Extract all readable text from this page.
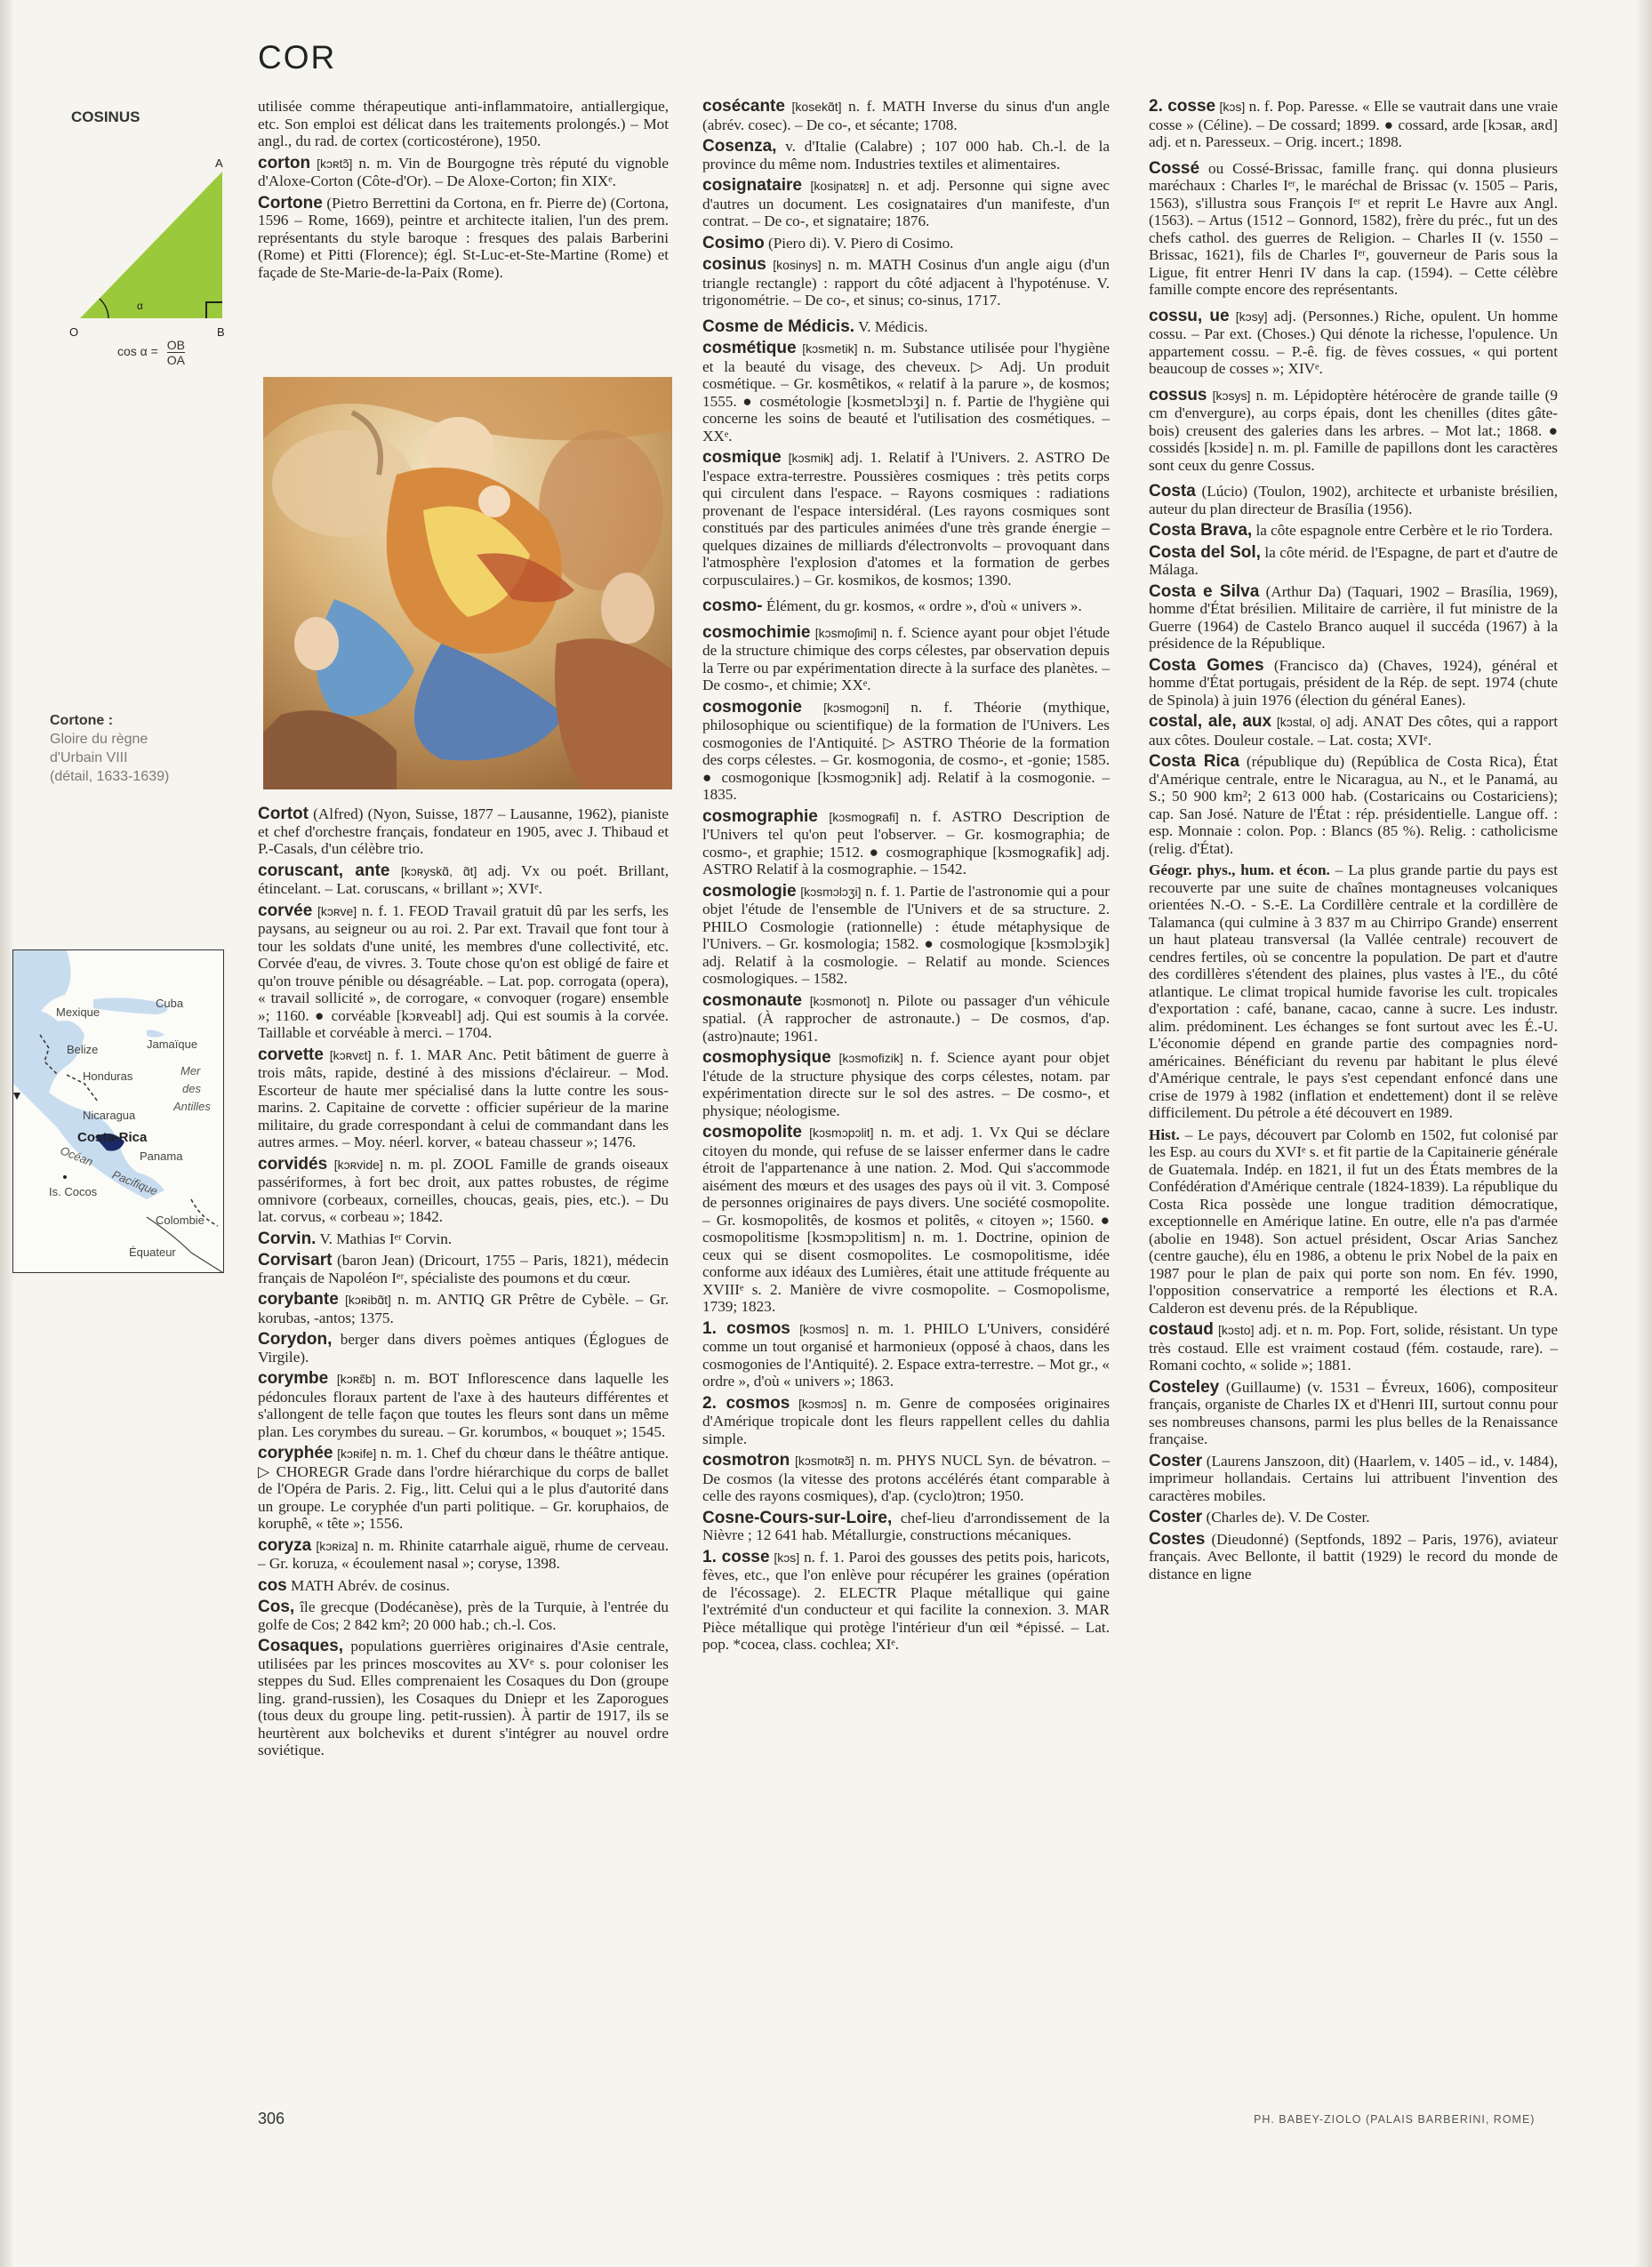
COR
COSINUS
α
A
O	B
$\cos \alpha = \frac{OB}{OA}$
Cortone :
Gloire du règne
d'Urbain VIII
(détail, 1633-1639)
Mexique
Cuba
Belize	Jamaïque
Honduras	Mer
des
Antilles
Nicaragua
Costa-Rica
Panama
Océan
Pacifique
Is. Cocos
Colombie
Équateur

utilisée comme thérapeutique anti-inflammatoire, antiallergique, etc. Son emploi est délicat dans les traitements prolongés.) – Mot angl., du rad. de cortex (corticostérone), 1950.

corton [kɔʀtɔ̃] n. m. Vin de Bourgogne très réputé du vignoble d'Aloxe-Corton (Côte-d'Or). – De Aloxe-Corton; fin XIXᵉ.

Cortone (Pietro Berrettini da Cortona, en fr. Pierre de) (Cortona, 1596 – Rome, 1669), peintre et architecte italien, l'un des prem. représentants du style baroque : fresques des palais Barberini (Rome) et Pitti (Florence); égl. St-Luc-et-Ste-Martine (Rome) et façade de Ste-Marie-de-la-Paix (Rome).

Cortot (Alfred) (Nyon, Suisse, 1877 – Lausanne, 1962), pianiste et chef d'orchestre français, fondateur en 1905, avec J. Thibaud et P.-Casals, d'un célèbre trio.

coruscant, ante [kɔʀyskɑ̃, ɑ̃t] adj. Vx ou poét. Brillant, étincelant. – Lat. coruscans, « brillant »; XVIᵉ.

corvée [kɔʀve] n. f. 1. FEOD Travail gratuit dû par les serfs, les paysans, au seigneur ou au roi. 2. Par ext. Travail que font tour à tour les soldats d'une unité, les membres d'une collectivité, etc. Corvée d'eau, de vivres. 3. Toute chose qu'on est obligé de faire et qu'on trouve pénible ou désagréable. – Lat. pop. corrogata (opera), « travail sollicité », de corrogare, « convoquer (rogare) ensemble »; 1160. ● corvéable [kɔʀveabl] adj. Qui est soumis à la corvée. Taillable et corvéable à merci. – 1704.

corvette [kɔʀvɛt] n. f. 1. MAR Anc. Petit bâtiment de guerre à trois mâts, rapide, destiné à des missions d'éclaireur. – Mod. Escorteur de haute mer spécialisé dans la lutte contre les sous-marins. 2. Capitaine de corvette : officier supérieur de la marine militaire, du grade correspondant à celui de commandant dans les autres armes. – Moy. néerl. korver, « bateau chasseur »; 1476.

corvidés [kɔʀvide] n. m. pl. ZOOL Famille de grands oiseaux passériformes, à fort bec droit, aux pattes robustes, de régime omnivore (corbeaux, corneilles, choucas, geais, pies, etc.). – Du lat. corvus, « corbeau »; 1842.

Corvin. V. Mathias Iᵉʳ Corvin.

Corvisart (baron Jean) (Dricourt, 1755 – Paris, 1821), médecin français de Napoléon Iᵉʳ, spécialiste des poumons et du cœur.

corybante [kɔʀibɑ̃t] n. m. ANTIQ GR Prêtre de Cybèle. – Gr. korubas, -antos; 1375.

Corydon, berger dans divers poèmes antiques (Églogues de Virgile).

corymbe [kɔʀɛ̃b] n. m. BOT Inflorescence dans laquelle les pédoncules floraux partent de l'axe à des hauteurs différentes et s'allongent de telle façon que toutes les fleurs sont dans un même plan. Les corymbes du sureau. – Gr. korumbos, « bouquet »; 1545.

coryphée [kɔʀife] n. m. 1. Chef du chœur dans le théâtre antique. ▷ CHOREGR Grade dans l'ordre hiérarchique du corps de ballet de l'Opéra de Paris. 2. Fig., litt. Celui qui a le plus d'autorité dans un groupe. Le coryphée d'un parti politique. – Gr. koruphaios, de koruphê, « tête »; 1556.

coryza [kɔʀiza] n. m. Rhinite catarrhale aiguë, rhume de cerveau. – Gr. koruza, « écoulement nasal »; coryse, 1398.

cos MATH Abrév. de cosinus.

Cos, île grecque (Dodécanèse), près de la Turquie, à l'entrée du golfe de Cos; 2 842 km²; 20 000 hab.; ch.-l. Cos.

Cosaques, populations guerrières originaires d'Asie centrale, utilisées par les princes moscovites au XVᵉ s. pour coloniser les steppes du Sud. Elles comprenaient les Cosaques du Don (groupe ling. grand-russien), les Cosaques du Dniepr et les Zaporogues (tous deux du groupe ling. petit-russien). À partir de 1917, ils se heurtèrent aux bolcheviks et durent s'intégrer au nouvel ordre soviétique.

cosécante [kosekɑ̃t] n. f. MATH Inverse du sinus d'un angle (abrév. cosec). – De co-, et sécante; 1708.

Cosenza, v. d'Italie (Calabre) ; 107 000 hab. Ch.-l. de la province du même nom. Industries textiles et alimentaires.

cosignataire [kosiɲatɛʀ] n. et adj. Personne qui signe avec d'autres un document. Les cosignataires d'un manifeste, d'un contrat. – De co-, et signataire; 1876.

Cosimo (Piero di). V. Piero di Cosimo.

cosinus [kosinys] n. m. MATH Cosinus d'un angle aigu (d'un triangle rectangle) : rapport du côté adjacent à l'hypoténuse. V. trigonométrie. – De co-, et sinus; co-sinus, 1717.

Cosme de Médicis. V. Médicis.

cosmétique [kɔsmetik] n. m. Substance utilisée pour l'hygiène et la beauté du visage, des cheveux. ▷ Adj. Un produit cosmétique. – Gr. kosmêtikos, « relatif à la parure », de kosmos; 1555. ● cosmétologie [kɔsmetɔlɔʒi] n. f. Partie de l'hygiène qui concerne les soins de beauté et l'utilisation des cosmétiques. – XXᵉ.

cosmique [kɔsmik] adj. 1. Relatif à l'Univers. 2. ASTRO De l'espace extra-terrestre. Poussières cosmiques : très petits corps qui circulent dans l'espace. – Rayons cosmiques : radiations provenant de l'espace intersidéral. (Les rayons cosmiques sont constitués par des particules animées d'une très grande énergie – quelques dizaines de milliards d'électronvolts – provoquant dans l'atmosphère l'explosion d'atomes et la formation de gerbes corpusculaires.) – Gr. kosmikos, de kosmos; 1390.

cosmo- Élément, du gr. kosmos, « ordre », d'où « univers ».

cosmochimie [kɔsmoʃimi] n. f. Science ayant pour objet l'étude de la structure chimique des corps célestes, par observation depuis la Terre ou par expérimentation directe à la surface des planètes. – De cosmo-, et chimie; XXᵉ.

cosmogonie [kɔsmogɔni] n. f. Théorie (mythique, philosophique ou scientifique) de la formation de l'Univers. Les cosmogonies de l'Antiquité. ▷ ASTRO Théorie de la formation des corps célestes. – Gr. kosmogonia, de cosmo-, et -gonie; 1585. ● cosmogonique [kɔsmogɔnik] adj. Relatif à la cosmogonie. – 1835.

cosmographie [kɔsmogʀafi] n. f. ASTRO Description de l'Univers tel qu'on peut l'observer. – Gr. kosmographia; de cosmo-, et graphie; 1512. ● cosmographique [kɔsmogʀafik] adj. ASTRO Relatif à la cosmographie. – 1542.

cosmologie [kɔsmɔlɔʒi] n. f. 1. Partie de l'astronomie qui a pour objet l'étude de l'ensemble de l'Univers et de sa structure. 2. PHILO Cosmologie (rationnelle) : étude métaphysique de l'Univers. – Gr. kosmologia; 1582. ● cosmologique [kɔsmɔlɔʒik] adj. Relatif à la cosmologie. – Relatif au monde. Sciences cosmologiques. – 1582.

cosmonaute [kɔsmonot] n. Pilote ou passager d'un véhicule spatial. (À rapprocher de astronaute.) – De cosmos, d'ap. (astro)naute; 1961.

cosmophysique [kɔsmofizik] n. f. Science ayant pour objet l'étude de la structure physique des corps célestes, notam. par expérimentation directe sur le sol des astres. – De cosmo-, et physique; néologisme.

cosmopolite [kɔsmɔpɔlit] n. m. et adj. 1. Vx Qui se déclare citoyen du monde, qui refuse de se laisser enfermer dans le cadre étroit de l'appartenance à une nation. 2. Mod. Qui s'accommode aisément des mœurs et des usages des pays où il vit. 3. Composé de personnes originaires de pays divers. Une société cosmopolite. – Gr. kosmopolitês, de kosmos et politês, « citoyen »; 1560. ● cosmopolitisme [kɔsmɔpɔlitism] n. m. 1. Doctrine, opinion de ceux qui se disent cosmopolites. Le cosmopolitisme, idée conforme aux idéaux des Lumières, était une attitude fréquente au XVIIIᵉ s. 2. Manière de vivre cosmopolite. – Cosmopolisme, 1739; 1823.

1. cosmos [kɔsmos] n. m. 1. PHILO L'Univers, considéré comme un tout organisé et harmonieux (opposé à chaos, dans les cosmogonies de l'Antiquité). 2. Espace extra-terrestre. – Mot gr., « ordre », d'où « univers »; 1863.

2. cosmos [kɔsmɔs] n. m. Genre de composées originaires d'Amérique tropicale dont les fleurs rappellent celles du dahlia simple.

cosmotron [kɔsmotʀɔ̃] n. m. PHYS NUCL Syn. de bévatron. – De cosmos (la vitesse des protons accélérés étant comparable à celle des rayons cosmiques), d'ap. (cyclo)tron; 1950.

Cosne-Cours-sur-Loire, chef-lieu d'arrondissement de la Nièvre ; 12 641 hab. Métallurgie, constructions mécaniques.

1. cosse [kɔs] n. f. 1. Paroi des gousses des petits pois, haricots, fèves, etc., que l'on enlève pour récupérer les graines (opération de l'écossage). 2. ELECTR Plaque métallique qui gaine l'extrémité d'un conducteur et qui facilite la connexion. 3. MAR Pièce métallique qui protège l'intérieur d'un œil *épissé. – Lat. pop. *cocea, class. cochlea; XIᵉ.

2. cosse [kɔs] n. f. Pop. Paresse. « Elle se vautrait dans une vraie cosse » (Céline). – De cossard; 1899. ● cossard, arde [kɔsaʀ, aʀd] adj. et n. Paresseux. – Orig. incert.; 1898.

Cossé ou Cossé-Brissac, famille franç. qui donna plusieurs maréchaux : Charles Iᵉʳ, le maréchal de Brissac (v. 1505 – Paris, 1563), s'illustra sous François Iᵉʳ et reprit Le Havre aux Angl. (1563). – Artus (1512 – Gonnord, 1582), frère du préc., fut un des chefs cathol. des guerres de Religion. – Charles II (v. 1550 – Brissac, 1621), fils de Charles Iᵉʳ, gouverneur de Paris sous la Ligue, fit entrer Henri IV dans la cap. (1594). – Cette célèbre famille compte encore des représentants.

cossu, ue [kɔsy] adj. (Personnes.) Riche, opulent. Un homme cossu. – Par ext. (Choses.) Qui dénote la richesse, l'opulence. Un appartement cossu. – P.-ê. fig. de fèves cossues, « qui portent beaucoup de cosses »; XIVᵉ.

cossus [kɔsys] n. m. Lépidoptère hétérocère de grande taille (9 cm d'envergure), au corps épais, dont les chenilles (dites gâte-bois) creusent des galeries dans les arbres. – Mot lat.; 1868. ● cossidés [kɔside] n. m. pl. Famille de papillons dont les caractères sont ceux du genre Cossus.

Costa (Lúcio) (Toulon, 1902), architecte et urbaniste brésilien, auteur du plan directeur de Brasília (1956).

Costa Brava, la côte espagnole entre Cerbère et le rio Tordera.

Costa del Sol, la côte mérid. de l'Espagne, de part et d'autre de Málaga.

Costa e Silva (Arthur Da) (Taquari, 1902 – Brasília, 1969), homme d'État brésilien. Militaire de carrière, il fut ministre de la Guerre (1964) de Castelo Branco auquel il succéda (1967) à la présidence de la République.

Costa Gomes (Francisco da) (Chaves, 1924), général et homme d'État portugais, président de la Rép. de sept. 1974 (chute de Spinola) à juin 1976 (élection du général Eanes).

costal, ale, aux [kɔstal, o] adj. ANAT Des côtes, qui a rapport aux côtes. Douleur costale. – Lat. costa; XVIᵉ.

Costa Rica (république du) (República de Costa Rica), État d'Amérique centrale, entre le Nicaragua, au N., et le Panamá, au S.; 50 900 km²; 2 613 000 hab. (Costaricains ou Costariciens); cap. San José. Nature de l'État : rép. présidentielle. Langue off. : esp. Monnaie : colon. Pop. : Blancs (85 %). Relig. : catholicisme (relig. d'État).

Géogr. phys., hum. et écon. – La plus grande partie du pays est recouverte par une suite de chaînes montagneuses volcaniques orientées N.-O. - S.-E. La Cordillère centrale et la cordillère de Talamanca (qui culmine à 3 837 m au Chirripo Grande) enserrent un haut plateau transversal (la Vallée centrale) recouvert de cendres fertiles, où se concentre la population. De part et d'autre des cordillères s'étendent des plaines, plus vastes à l'E., du côté atlantique. Le climat tropical humide favorise les cult. tropicales d'exportation : café, banane, cacao, canne à sucre. Les industr. alim. prédominent. Les échanges se font surtout avec les É.-U. L'économie dépend en grande partie des compagnies nord-américaines. Bénéficiant du revenu par habitant le plus élevé d'Amérique centrale, le pays s'est cependant enfoncé dans une crise de 1979 à 1982 (inflation et endettement) dont il se relève difficilement. Du pétrole a été découvert en 1989.

Hist. – Le pays, découvert par Colomb en 1502, fut colonisé par les Esp. au cours du XVIᵉ s. et fit partie de la Capitainerie générale de Guatemala. Indép. en 1821, il fut un des États membres de la Confédération d'Amérique centrale (1824-1839). La république du Costa Rica possède une longue tradition démocratique, exceptionnelle en Amérique latine. En outre, elle n'a pas d'armée (abolie en 1948). Son actuel président, Oscar Arias Sanchez (centre gauche), élu en 1986, a obtenu le prix Nobel de la paix en 1987 pour le plan de paix qui porte son nom. En fév. 1990, l'opposition conservatrice a remporté les élections et R.A. Calderon est devenu prés. de la République.

costaud [kɔsto] adj. et n. m. Pop. Fort, solide, résistant. Un type très costaud. Elle est vraiment costaud (fém. costaude, rare). – Romani cochto, « solide »; 1881.

Costeley (Guillaume) (v. 1531 – Évreux, 1606), compositeur français, organiste de Charles IX et d'Henri III, surtout connu pour ses nombreuses chansons, parmi les plus belles de la Renaissance française.

Coster (Laurens Janszoon, dit) (Haarlem, v. 1405 – id., v. 1484), imprimeur hollandais. Certains lui attribuent l'invention des caractères mobiles.

Coster (Charles de). V. De Coster.

Costes (Dieudonné) (Septfonds, 1892 – Paris, 1976), aviateur français. Avec Bellonte, il battit (1929) le record du monde de distance en ligne

306	PH. BABEY-ZIOLO (PALAIS BARBERINI, ROME)
